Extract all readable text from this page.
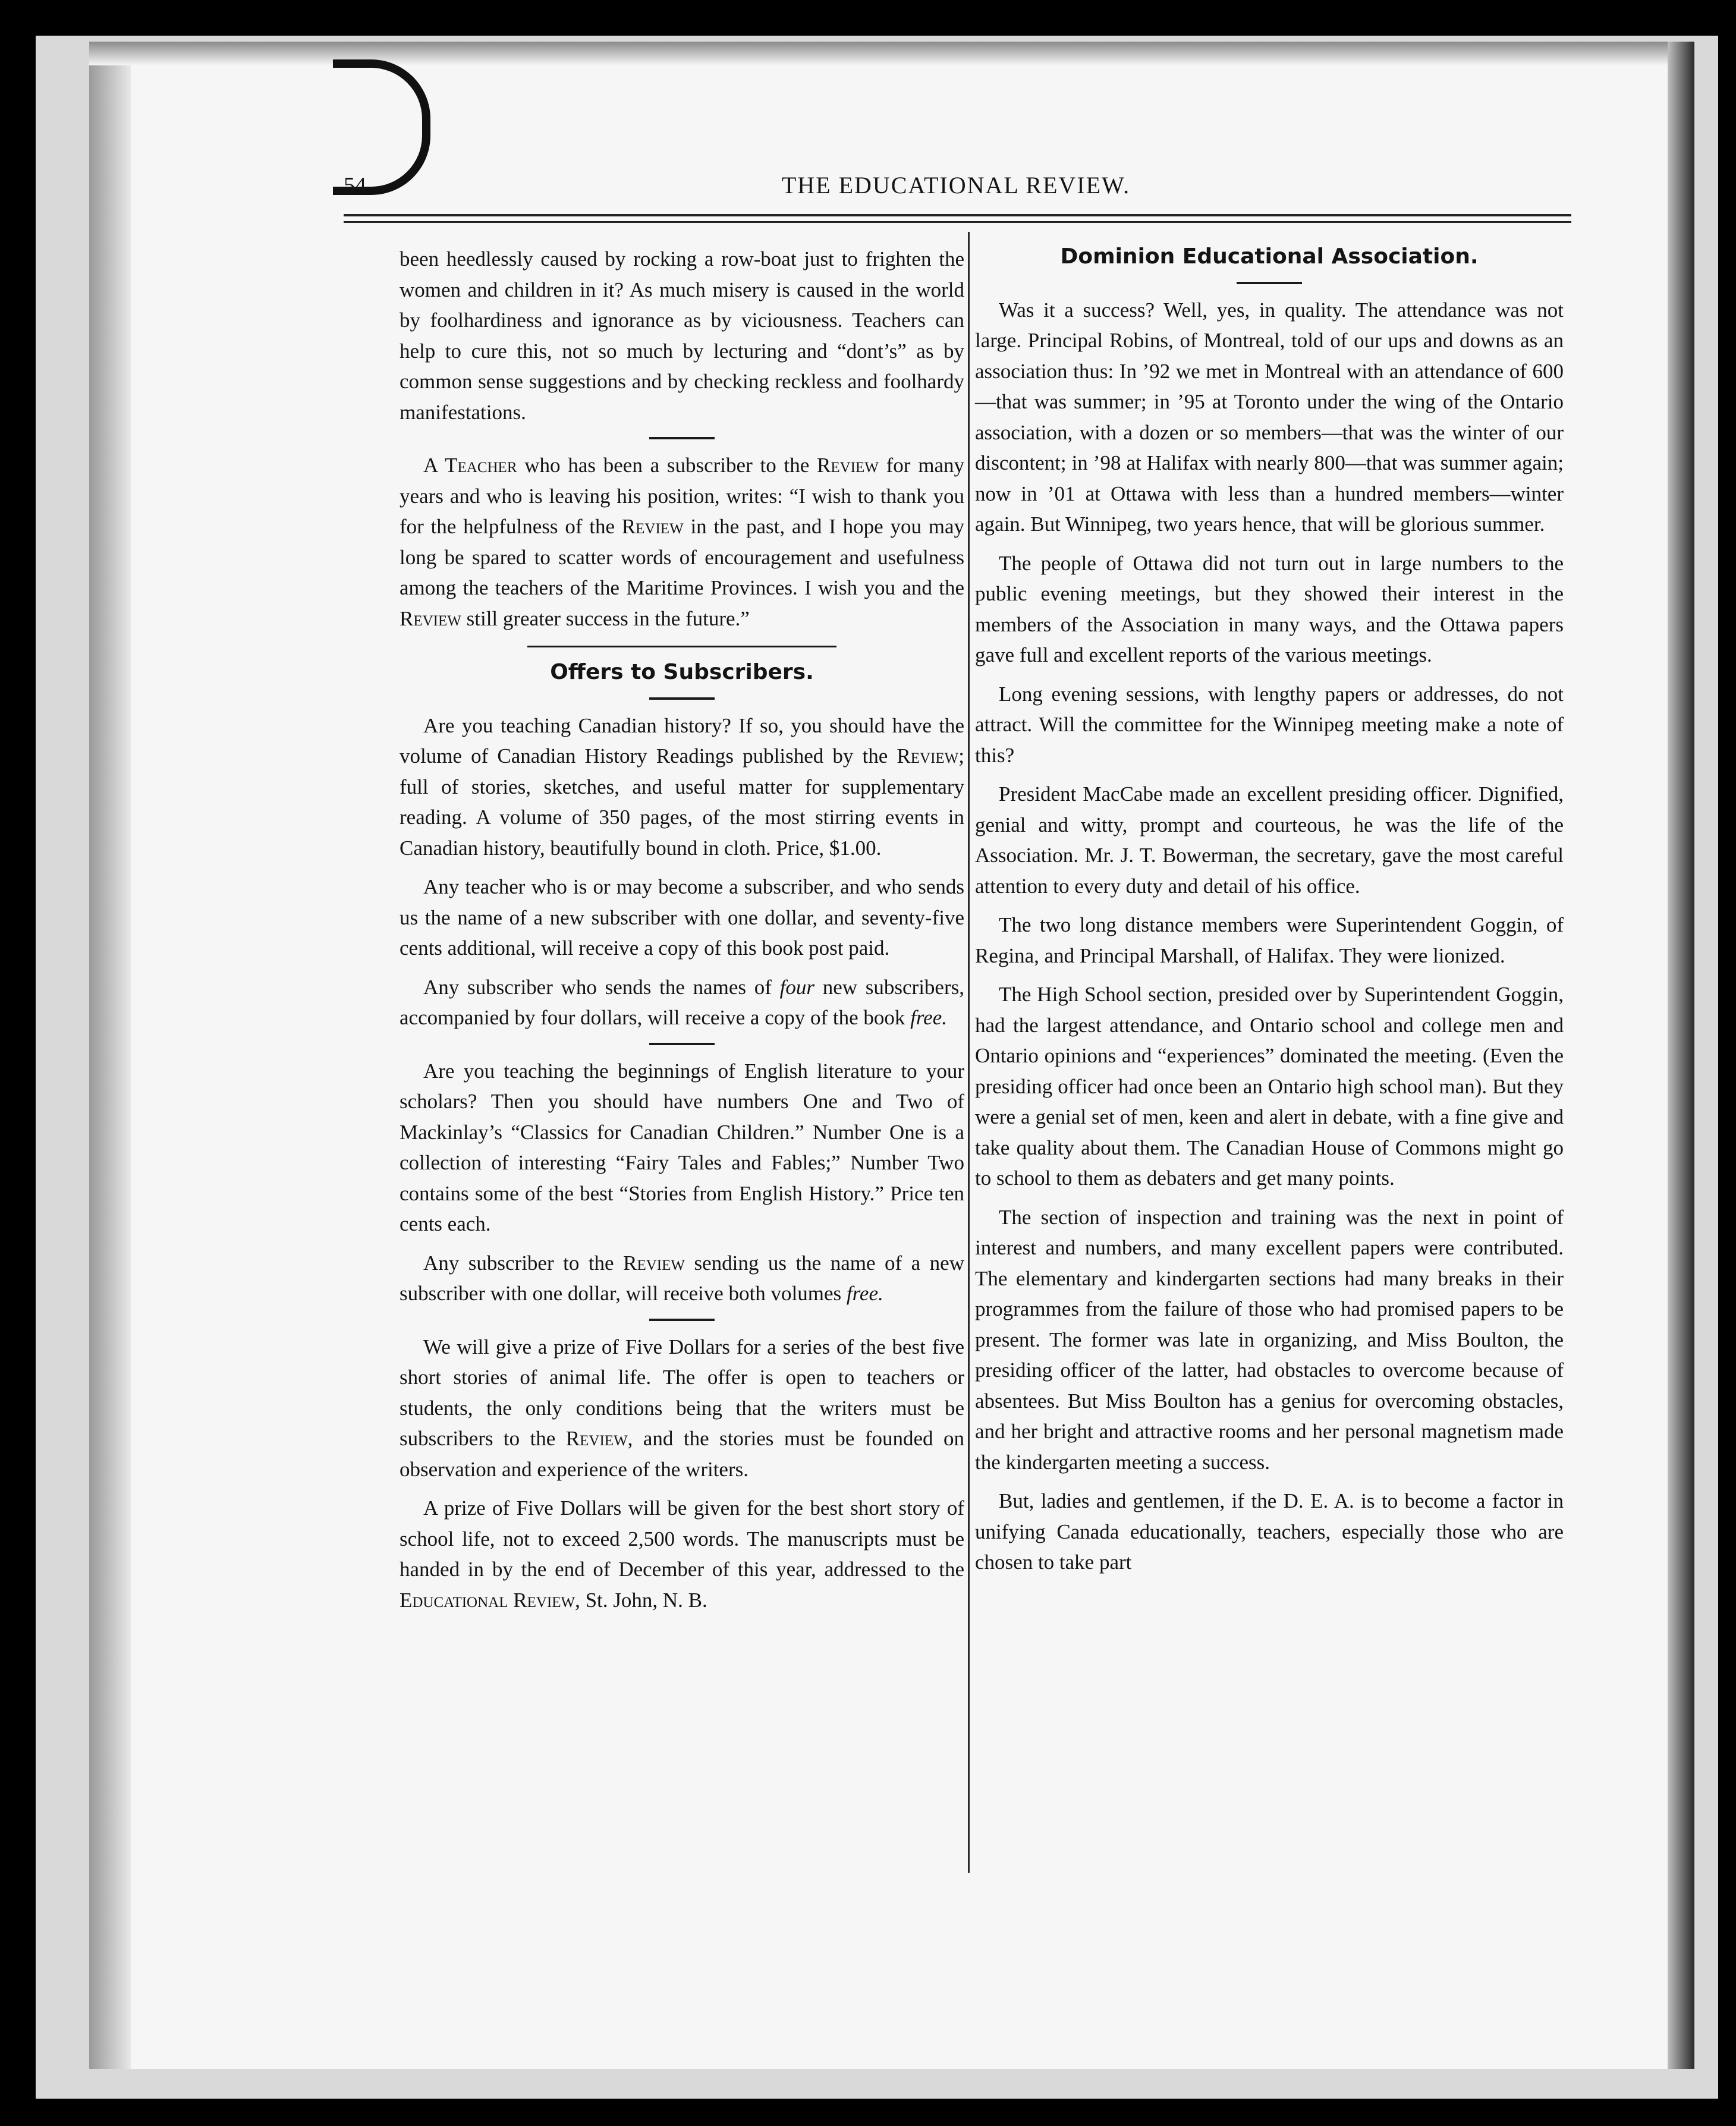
54	THE EDUCATIONAL REVIEW.

been heedlessly caused by rocking a row-boat just to frighten the women and children in it? As much misery is caused in the world by foolhardiness and ignorance as by viciousness. Teachers can help to cure this, not so much by lecturing and “dont’s” as by common sense suggestions and by checking reckless and foolhardy manifestations.

A Teacher who has been a subscriber to the Review for many years and who is leaving his position, writes: “I wish to thank you for the helpfulness of the Review in the past, and I hope you may long be spared to scatter words of encouragement and usefulness among the teachers of the Maritime Provinces. I wish you and the Review still greater success in the future.”

Offers to Subscribers.

Are you teaching Canadian history? If so, you should have the volume of Canadian History Readings published by the Review; full of stories, sketches, and useful matter for supplementary reading. A volume of 350 pages, of the most stirring events in Canadian history, beautifully bound in cloth. Price, $1.00.

Any teacher who is or may become a subscriber, and who sends us the name of a new subscriber with one dollar, and seventy-five cents additional, will receive a copy of this book post paid.

Any subscriber who sends the names of four new subscribers, accompanied by four dollars, will receive a copy of the book free.

Are you teaching the beginnings of English literature to your scholars? Then you should have numbers One and Two of Mackinlay’s “Classics for Canadian Children.” Number One is a collection of interesting “Fairy Tales and Fables;” Number Two contains some of the best “Stories from English History.” Price ten cents each.

Any subscriber to the Review sending us the name of a new subscriber with one dollar, will receive both volumes free.

We will give a prize of Five Dollars for a series of the best five short stories of animal life. The offer is open to teachers or students, the only conditions being that the writers must be subscribers to the Review, and the stories must be founded on observation and experience of the writers.

A prize of Five Dollars will be given for the best short story of school life, not to exceed 2,500 words. The manuscripts must be handed in by the end of December of this year, addressed to the Educational Review, St. John, N. B.

Dominion Educational Association.

Was it a success? Well, yes, in quality. The attendance was not large. Principal Robins, of Montreal, told of our ups and downs as an association thus: In ’92 we met in Montreal with an attendance of 600—that was summer; in ’95 at Toronto under the wing of the Ontario association, with a dozen or so members—that was the winter of our discontent; in ’98 at Halifax with nearly 800—that was summer again; now in ’01 at Ottawa with less than a hundred members—winter again. But Winnipeg, two years hence, that will be glorious summer.

The people of Ottawa did not turn out in large numbers to the public evening meetings, but they showed their interest in the members of the Association in many ways, and the Ottawa papers gave full and excellent reports of the various meetings.

Long evening sessions, with lengthy papers or addresses, do not attract. Will the committee for the Winnipeg meeting make a note of this?

President MacCabe made an excellent presiding officer. Dignified, genial and witty, prompt and courteous, he was the life of the Association. Mr. J. T. Bowerman, the secretary, gave the most careful attention to every duty and detail of his office.

The two long distance members were Superintendent Goggin, of Regina, and Principal Marshall, of Halifax. They were lionized.

The High School section, presided over by Superintendent Goggin, had the largest attendance, and Ontario school and college men and Ontario opinions and “experiences” dominated the meeting. (Even the presiding officer had once been an Ontario high school man). But they were a genial set of men, keen and alert in debate, with a fine give and take quality about them. The Canadian House of Commons might go to school to them as debaters and get many points.

The section of inspection and training was the next in point of interest and numbers, and many excellent papers were contributed. The elementary and kindergarten sections had many breaks in their programmes from the failure of those who had promised papers to be present. The former was late in organizing, and Miss Boulton, the presiding officer of the latter, had obstacles to overcome because of absentees. But Miss Boulton has a genius for overcoming obstacles, and her bright and attractive rooms and her personal magnetism made the kindergarten meeting a success.

But, ladies and gentlemen, if the D. E. A. is to become a factor in unifying Canada educationally, teachers, especially those who are chosen to take part
